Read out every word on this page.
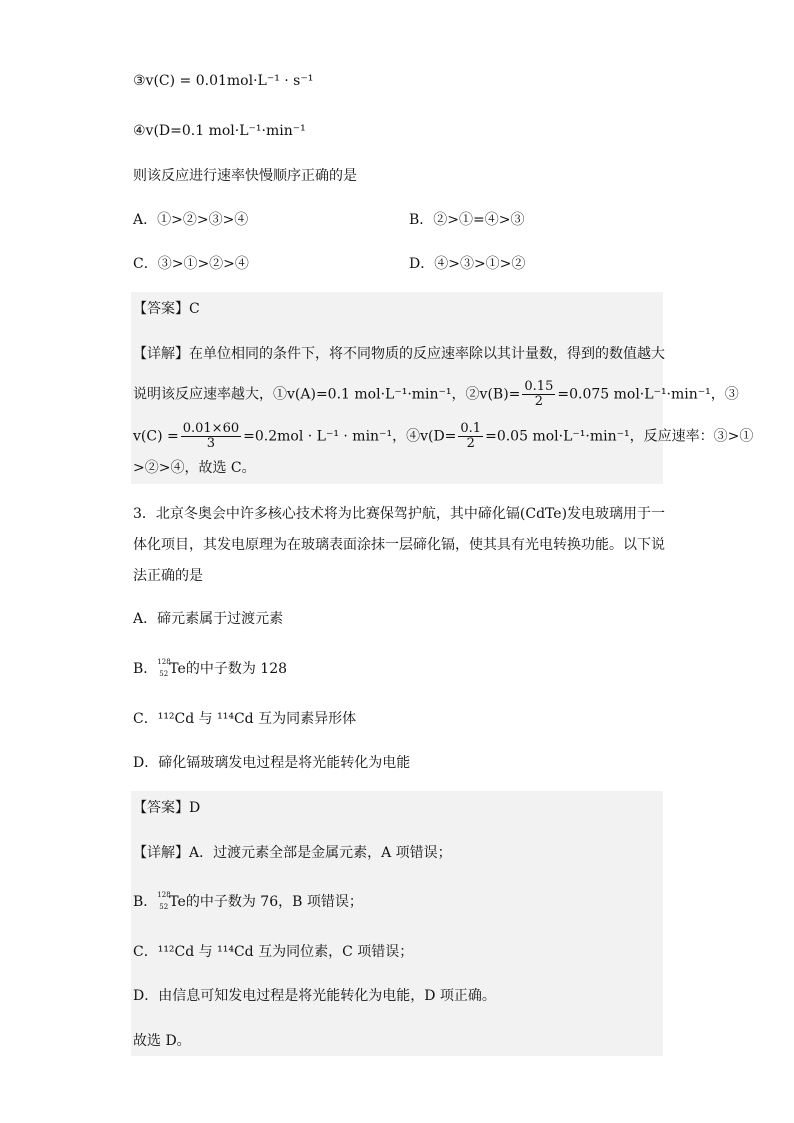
③v(C) = 0.01mol·L⁻¹ · s⁻¹
④v(D=0.1 mol·L⁻¹·min⁻¹
则该反应进行速率快慢顺序正确的是
A．①>②>③>④	B．②>①=④>③
C．③>①>②>④	D．④>③>①>②
【答案】C
【详解】在单位相同的条件下，将不同物质的反应速率除以其计量数，得到的数值越大
说明该反应速率越大，①v(A)=0.1 mol·L⁻¹·min⁻¹，②v(B)= $\frac{0.15}{2} =0.075$ mol·L⁻¹·min⁻¹，③
$v(C) = \frac{0.01\times 60}{3} =0.2mol \cdot L^{-1} \cdot \min^{-1}$，④v(D= $\frac{0.1}{2} =0.05$ mol·L⁻¹·min⁻¹，反应速率：③>①
>②>④，故选 C。
3．北京冬奥会中许多核心技术将为比赛保驾护航，其中碲化镉(CdTe)发电玻璃用于一
体化项目，其发电原理为在玻璃表面涂抹一层碲化镉，使其具有光电转换功能。以下说
法正确的是
A．碲元素属于过渡元素
B． 128
52 Te的中子数为 128
C．¹¹²Cd 与 ¹¹⁴Cd 互为同素异形体
D．碲化镉玻璃发电过程是将光能转化为电能
【答案】D
【详解】A．过渡元素全部是金属元素，A 项错误；
B． 128
52 Te的中子数为 76，B 项错误；
C．¹¹²Cd 与 ¹¹⁴Cd 互为同位素，C 项错误；
D．由信息可知发电过程是将光能转化为电能，D 项正确。
故选 D。
